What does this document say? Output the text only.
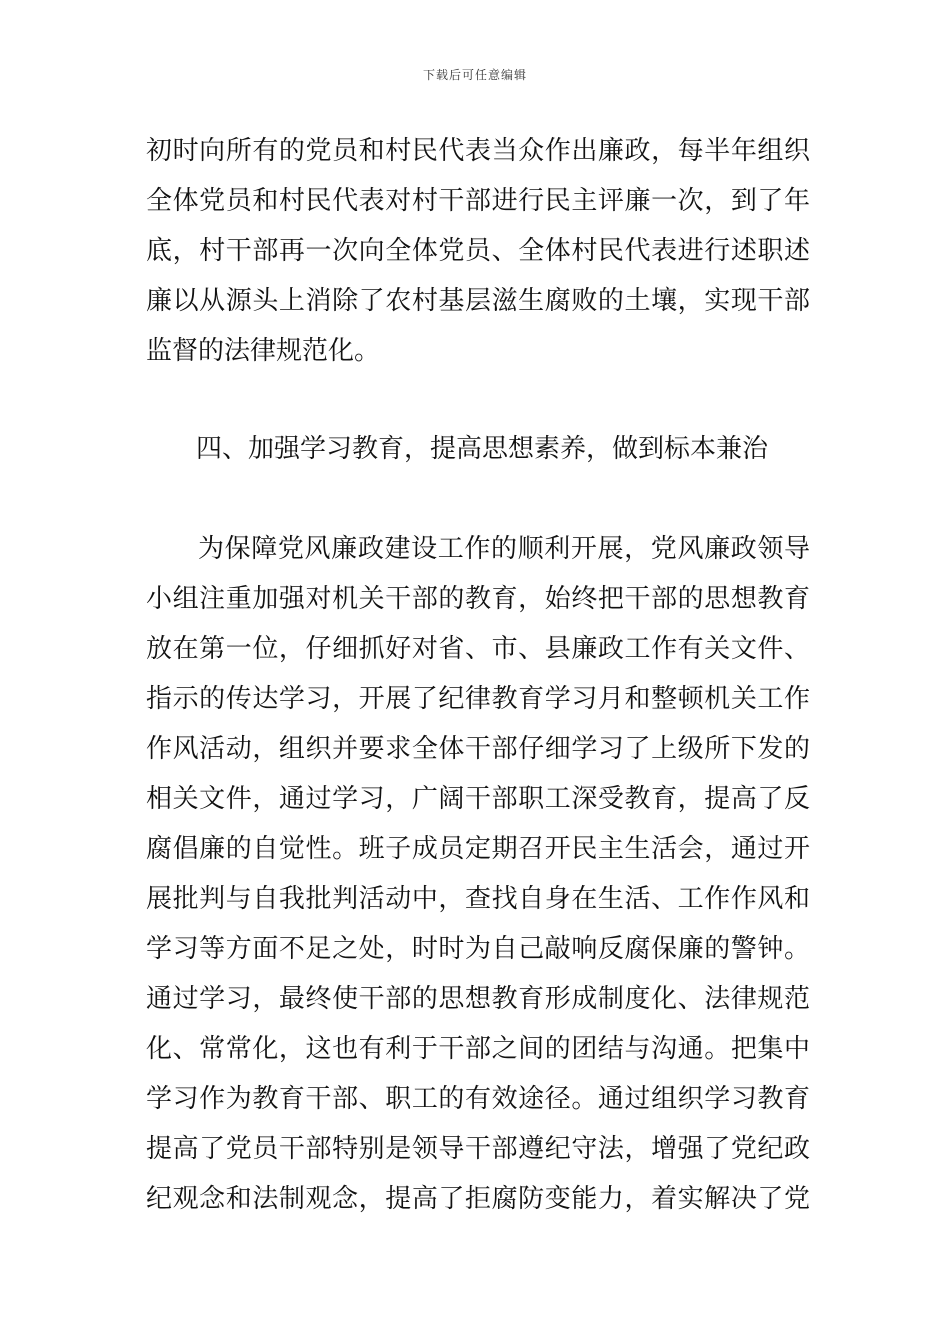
下载后可任意编辑
初时向所有的党员和村民代表当众作出廉政，每半年组织
全体党员和村民代表对村干部进行民主评廉一次，到了年
底，村干部再一次向全体党员、全体村民代表进行述职述
廉以从源头上消除了农村基层滋生腐败的土壤，实现干部
监督的法律规范化。
四、加强学习教育，提高思想素养，做到标本兼治
为保障党风廉政建设工作的顺利开展，党风廉政领导
小组注重加强对机关干部的教育，始终把干部的思想教育
放在第一位，仔细抓好对省、市、县廉政工作有关文件、
指示的传达学习，开展了纪律教育学习月和整顿机关工作
作风活动，组织并要求全体干部仔细学习了上级所下发的
相关文件，通过学习，广阔干部职工深受教育，提高了反
腐倡廉的自觉性。班子成员定期召开民主生活会，通过开
展批判与自我批判活动中，查找自身在生活、工作作风和
学习等方面不足之处，时时为自己敲响反腐保廉的警钟。
通过学习，最终使干部的思想教育形成制度化、法律规范
化、常常化，这也有利于干部之间的团结与沟通。把集中
学习作为教育干部、职工的有效途径。通过组织学习教育
提高了党员干部特别是领导干部遵纪守法，增强了党纪政
纪观念和法制观念，提高了拒腐防变能力，着实解决了党
